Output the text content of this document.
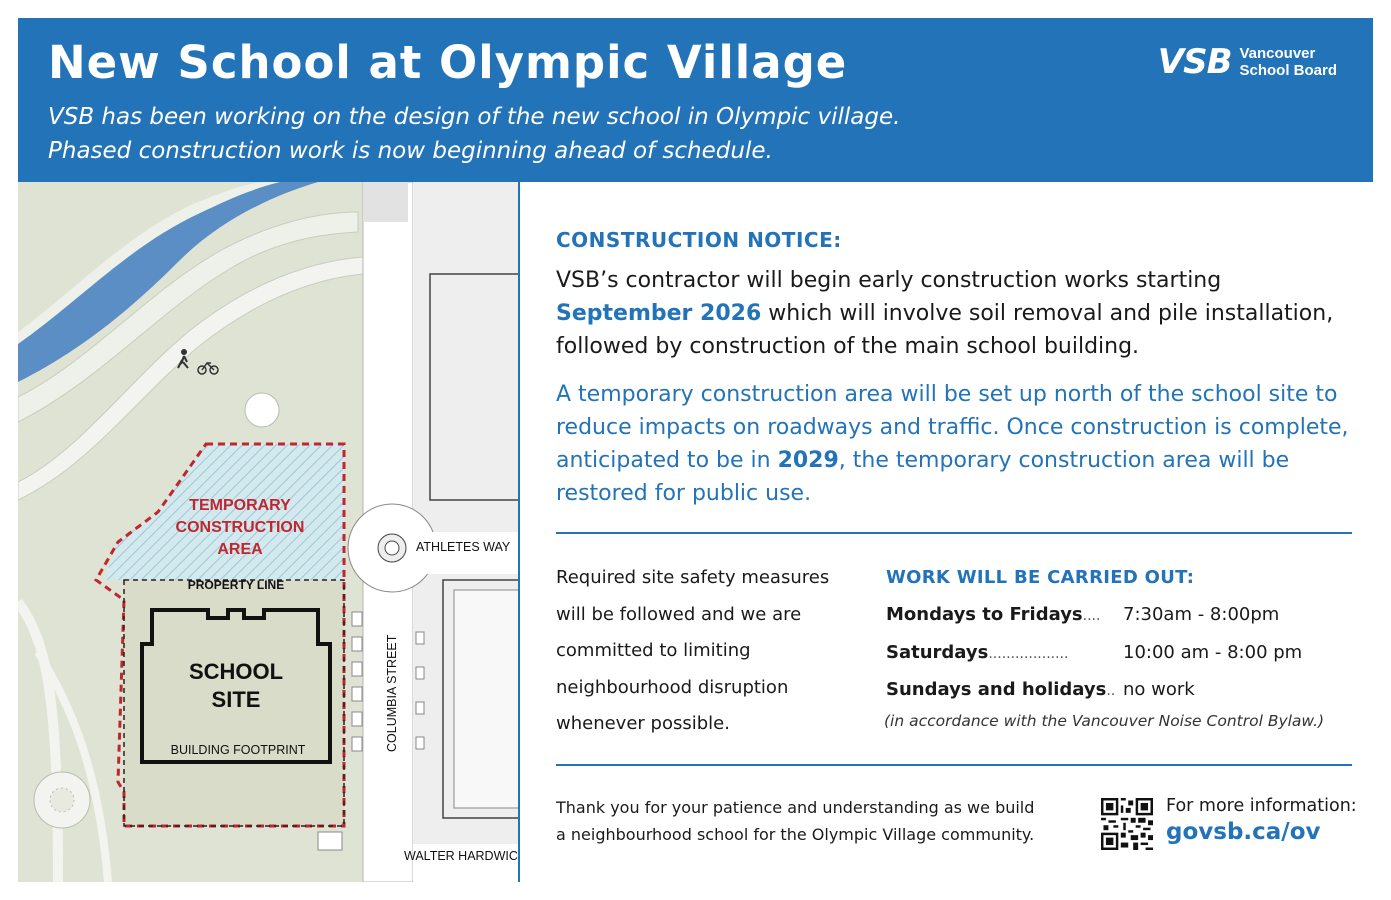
New School at Olympic Village
VSB has been working on the design of the new school in Olympic village.
Phased construction work is now beginning ahead of schedule.
VSB Vancouver
School Board
TEMPORARY
CONSTRUCTION
AREA
PROPERTY LINE
SCHOOL
SITE
BUILDING FOOTPRINT
ATHLETES WAY
COLUMBIA STREET
WALTER HARDWIC
CONSTRUCTION NOTICE:
VSB’s contractor will begin early construction works starting
September 2026 which will involve soil removal and pile installation, followed by construction of the main school building.
A temporary construction area will be set up north of the school site to reduce impacts on roadways and traffic. Once construction is complete, anticipated to be in 2029, the temporary construction area will be restored for public use.
Required site safety measures
will be followed and we are
committed to limiting
neighbourhood disruption
whenever possible.
WORK WILL BE CARRIED OUT:
Mondays to Fridays .... 7:30am - 8:00pm
Saturdays ..................	10:00 am - 8:00 pm
Sundays and holidays .. no work
(in accordance with the Vancouver Noise Control Bylaw.)
Thank you for your patience and understanding as we build
a neighbourhood school for the Olympic Village community.
For more information:
govsb.ca/ov
